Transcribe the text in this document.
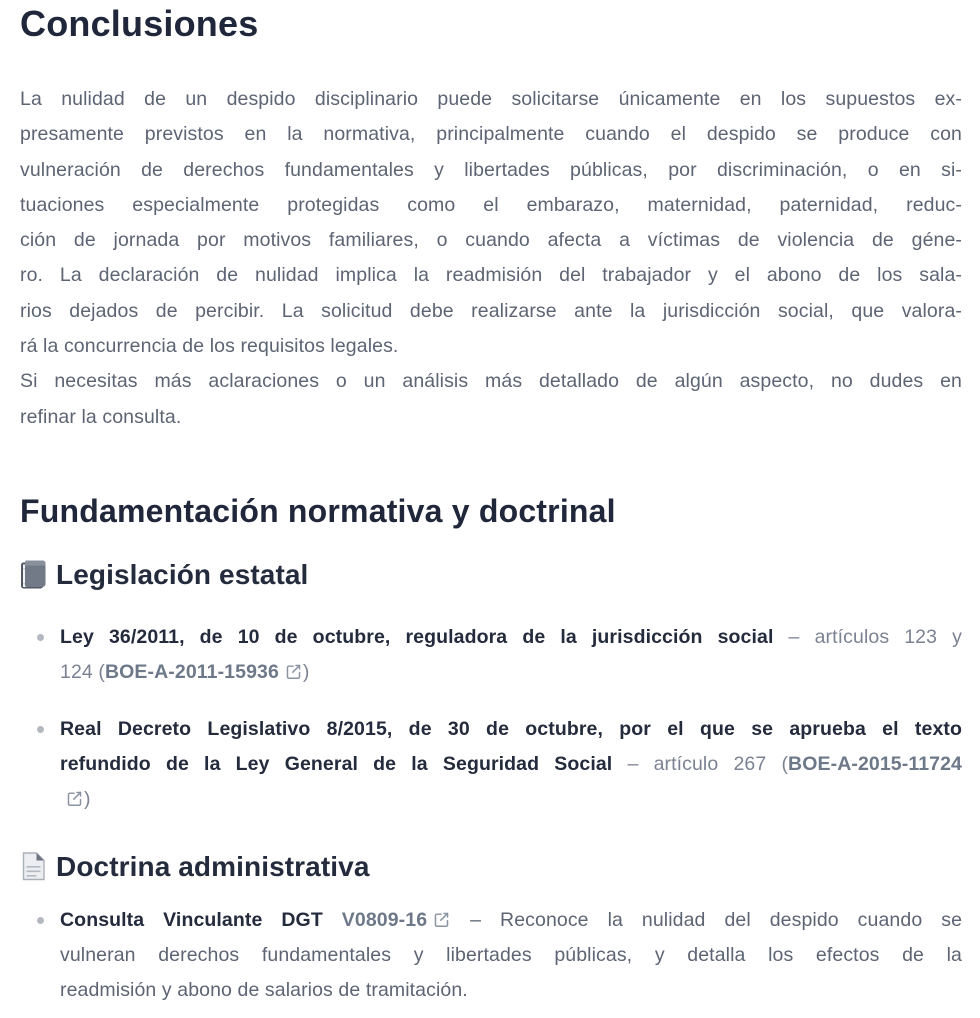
Conclusiones
La nulidad de un despido disciplinario puede solicitarse únicamente en los supuestos ex-
presamente previstos en la normativa, principalmente cuando el despido se produce con
vulneración de derechos fundamentales y libertades públicas, por discriminación, o en si-
tuaciones especialmente protegidas como el embarazo, maternidad, paternidad, reduc-
ción de jornada por motivos familiares, o cuando afecta a víctimas de violencia de géne-
ro. La declaración de nulidad implica la readmisión del trabajador y el abono de los sala-
rios dejados de percibir. La solicitud debe realizarse ante la jurisdicción social, que valora-
rá la concurrencia de los requisitos legales.
Si necesitas más aclaraciones o un análisis más detallado de algún aspecto, no dudes en
refinar la consulta.
Fundamentación normativa y doctrinal
Legislación estatal
Ley 36/2011, de 10 de octubre, reguladora de la jurisdicción social – artículos 123 y
124 (BOE-A-2011-15936 )
Real Decreto Legislativo 8/2015, de 30 de octubre, por el que se aprueba el texto
refundido de la Ley General de la Seguridad Social – artículo 267 (BOE-A-2015-11724
)
Doctrina administrativa
Consulta Vinculante DGT V0809-16
– Reconoce la nulidad del despido cuando se
vulneran derechos fundamentales y libertades públicas, y detalla los efectos de la
readmisión y abono de salarios de tramitación.
